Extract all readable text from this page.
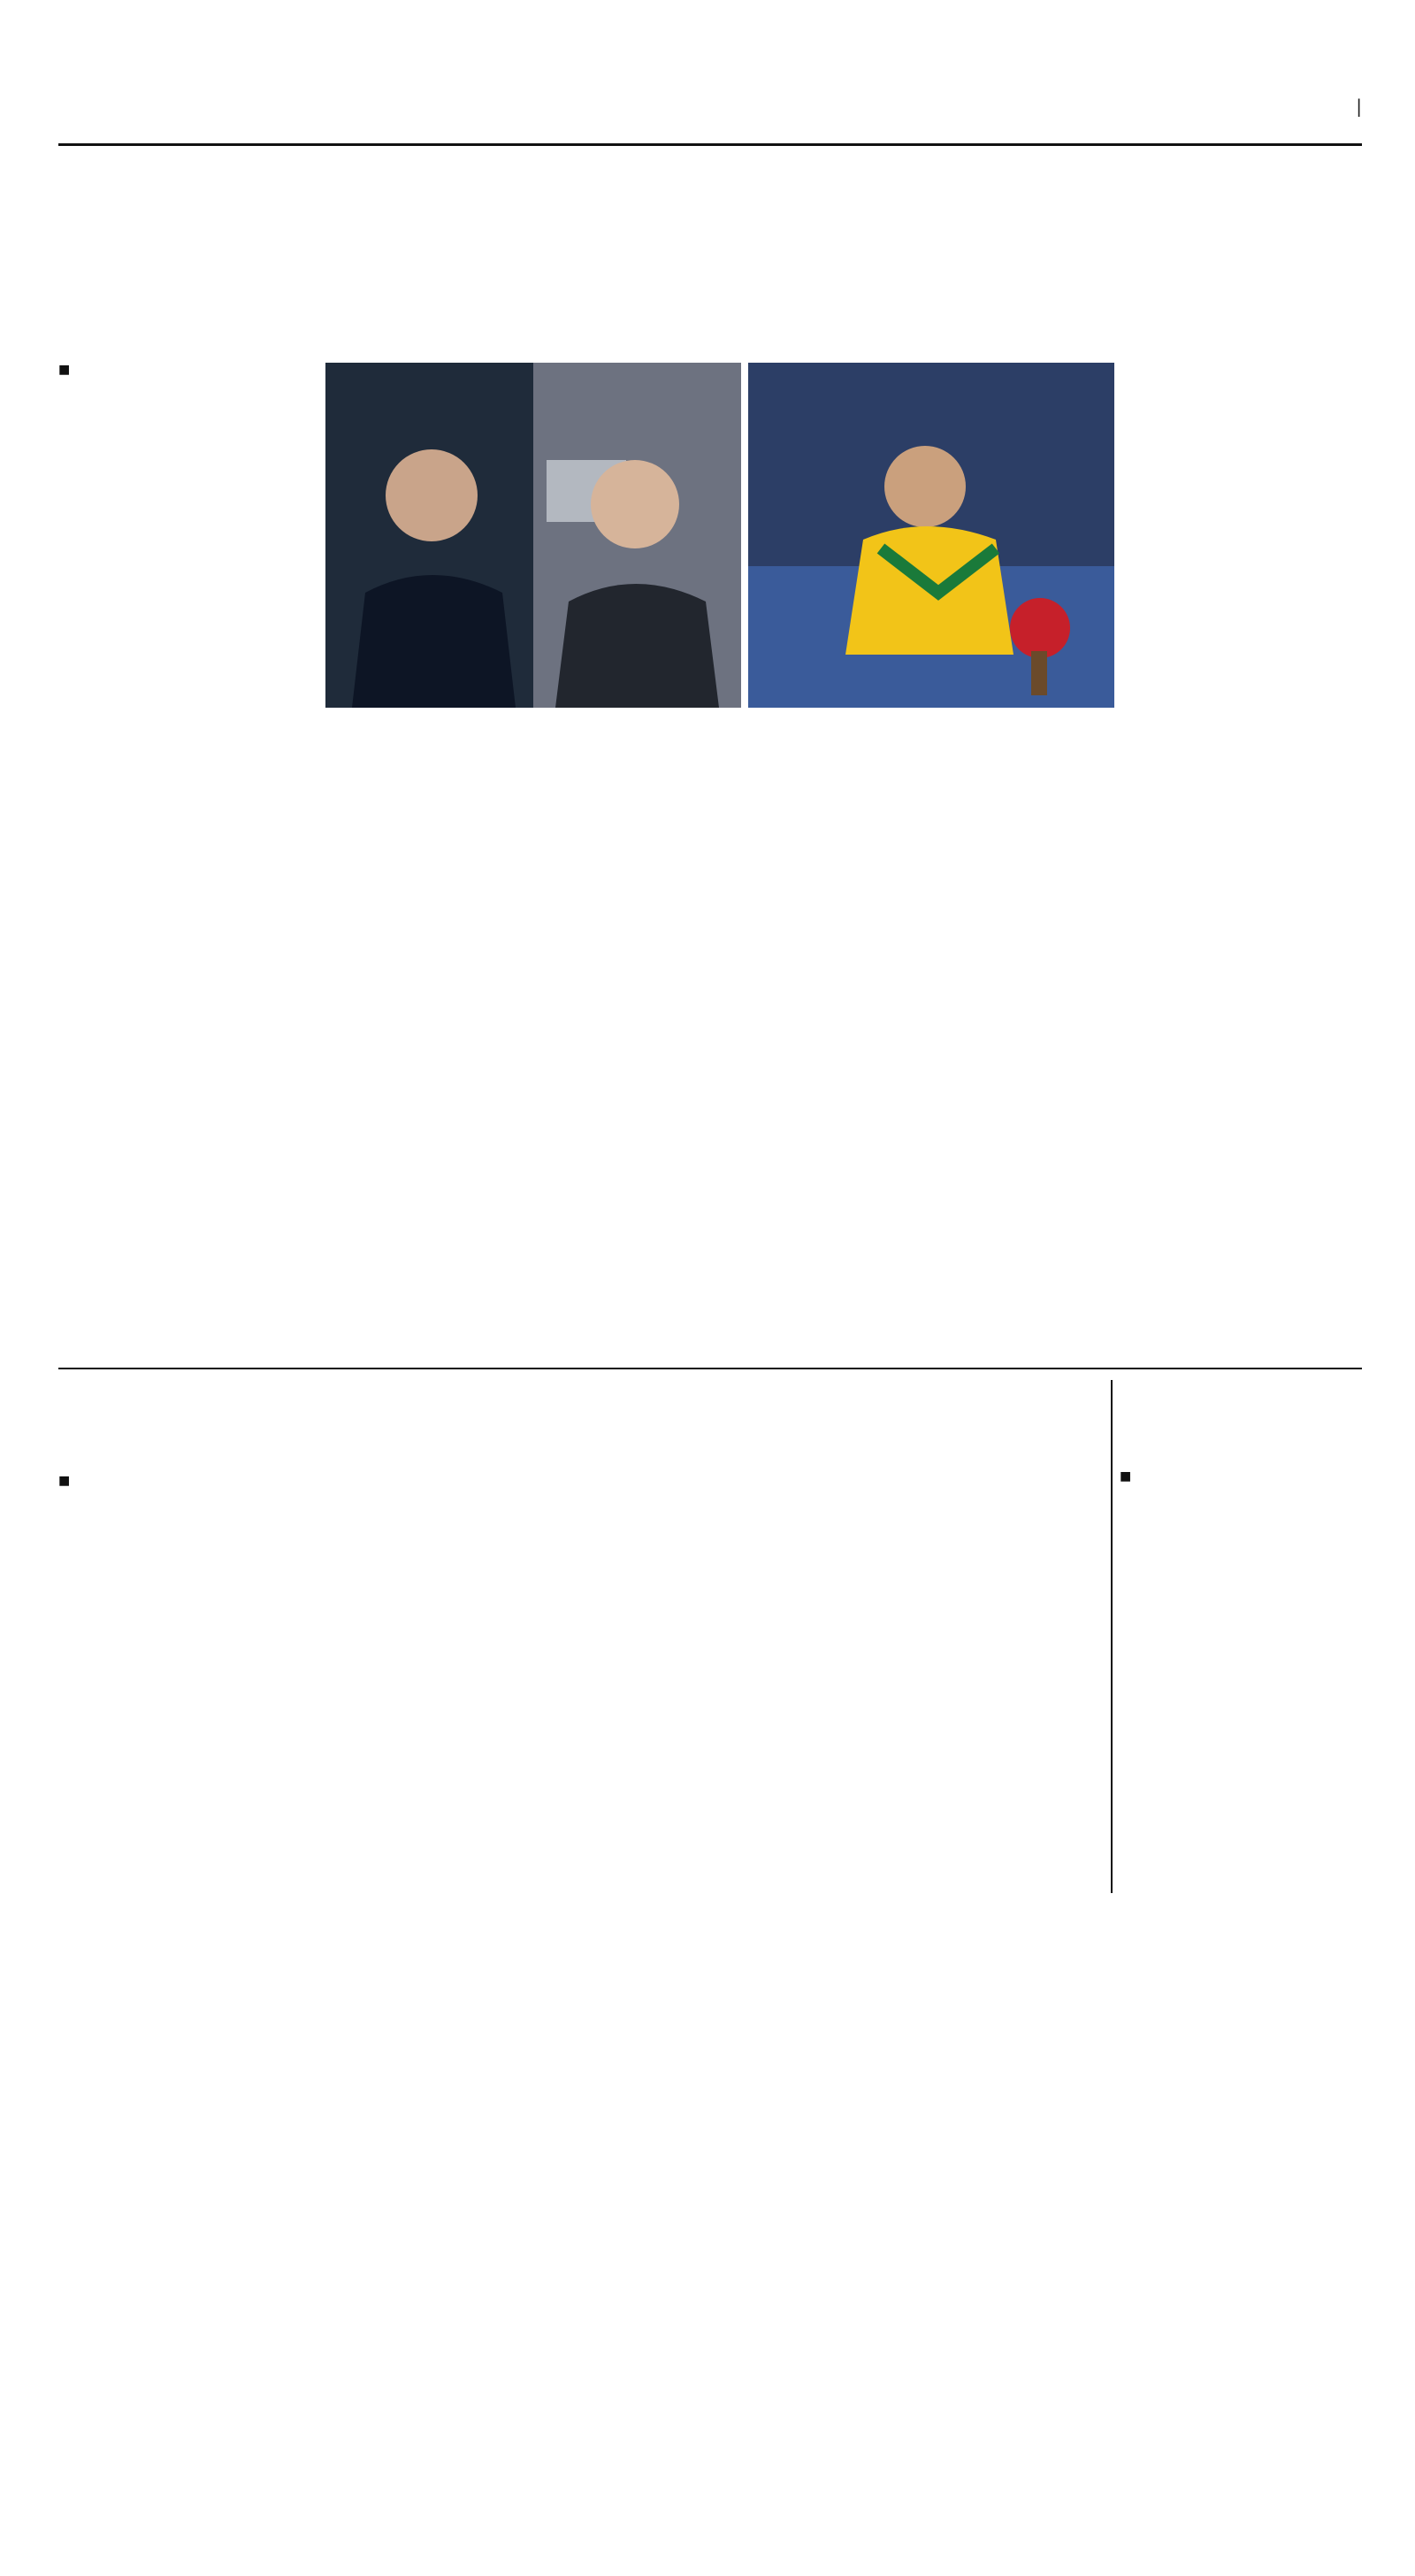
|
■

■

■
